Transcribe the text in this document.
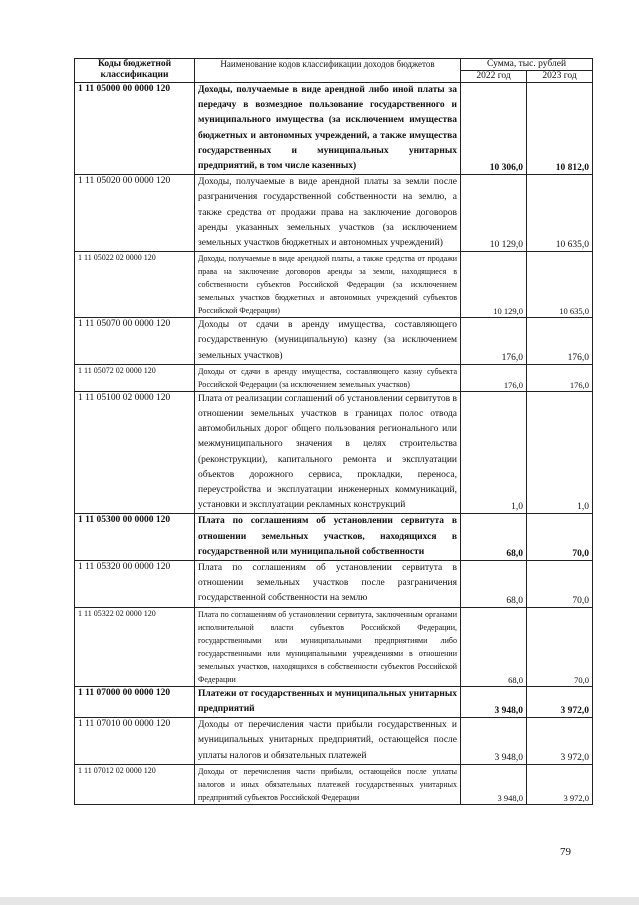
Коды бюджетной классификации	Наименование кодов классификации доходов бюджетов	Сумма, тыс. рублей	
		2022 год	2023 год
1 11 05000 00 0000 120	Доходы, получаемые в виде арендной либо иной платы за передачу в возмездное пользование государственного и муниципального имущества (за исключением имущества бюджетных и автономных учреждений, а также имущества государственных и муниципальных унитарных предприятий, в том числе казенных)	10 306,0	10 812,0
1 11 05020 00 0000 120	Доходы, получаемые в виде арендной платы за земли после разграничения государственной собственности на землю, а также средства от продажи права на заключение договоров аренды указанных земельных участков (за исключением земельных участков бюджетных и автономных учреждений)	10 129,0	10 635,0
1 11 05022 02 0000 120	Доходы, получаемые в виде арендной платы, а также средства от продажи права на заключение договоров аренды за земли, находящиеся в собственности субъектов Российской Федерации (за исключением земельных участков бюджетных и автономных учреждений субъектов Российской Федерации)	10 129,0	10 635,0
1 11 05070 00 0000 120	Доходы от сдачи в аренду имущества, составляющего государственную (муниципальную) казну (за исключением земельных участков)	176,0	176,0
1 11 05072 02 0000 120	Доходы от сдачи в аренду имущества, составляющего казну субъекта Российской Федерации (за исключением земельных участков)	176,0	176,0
1 11 05100 02 0000 120	Плата от реализации соглашений об установлении сервитутов в отношении земельных участков в границах полос отвода автомобильных дорог общего пользования регионального или межмуниципального значения в целях строительства (реконструкции), капитального ремонта и эксплуатации объектов дорожного сервиса, прокладки, переноса, переустройства и эксплуатации инженерных коммуникаций, установки и эксплуатации рекламных конструкций	1,0	1,0
1 11 05300 00 0000 120	Плата по соглашениям об установлении сервитута в отношении земельных участков, находящихся в государственной или муниципальной собственности	68,0	70,0
1 11 05320 00 0000 120	Плата по соглашениям об установлении сервитута в отношении земельных участков после разграничения государственной собственности на землю	68,0	70,0
1 11 05322 02 0000 120	Плата по соглашениям об установлении сервитута, заключенным органами исполнительной власти субъектов Российской Федерации, государственными или муниципальными предприятиями либо государственными или муниципальными учреждениями в отношении земельных участков, находящихся в собственности субъектов Российской Федерации	68,0	70,0
1 11 07000 00 0000 120	Платежи от государственных и муниципальных унитарных предприятий	3 948,0	3 972,0
1 11 07010 00 0000 120	Доходы от перечисления части прибыли государственных и муниципальных унитарных предприятий, остающейся после уплаты налогов и обязательных платежей	3 948,0	3 972,0
1 11 07012 02 0000 120	Доходы от перечисления части прибыли, остающейся после уплаты налогов и иных обязательных платежей государственных унитарных предприятий субъектов Российской Федерации	3 948,0	3 972,0
79
